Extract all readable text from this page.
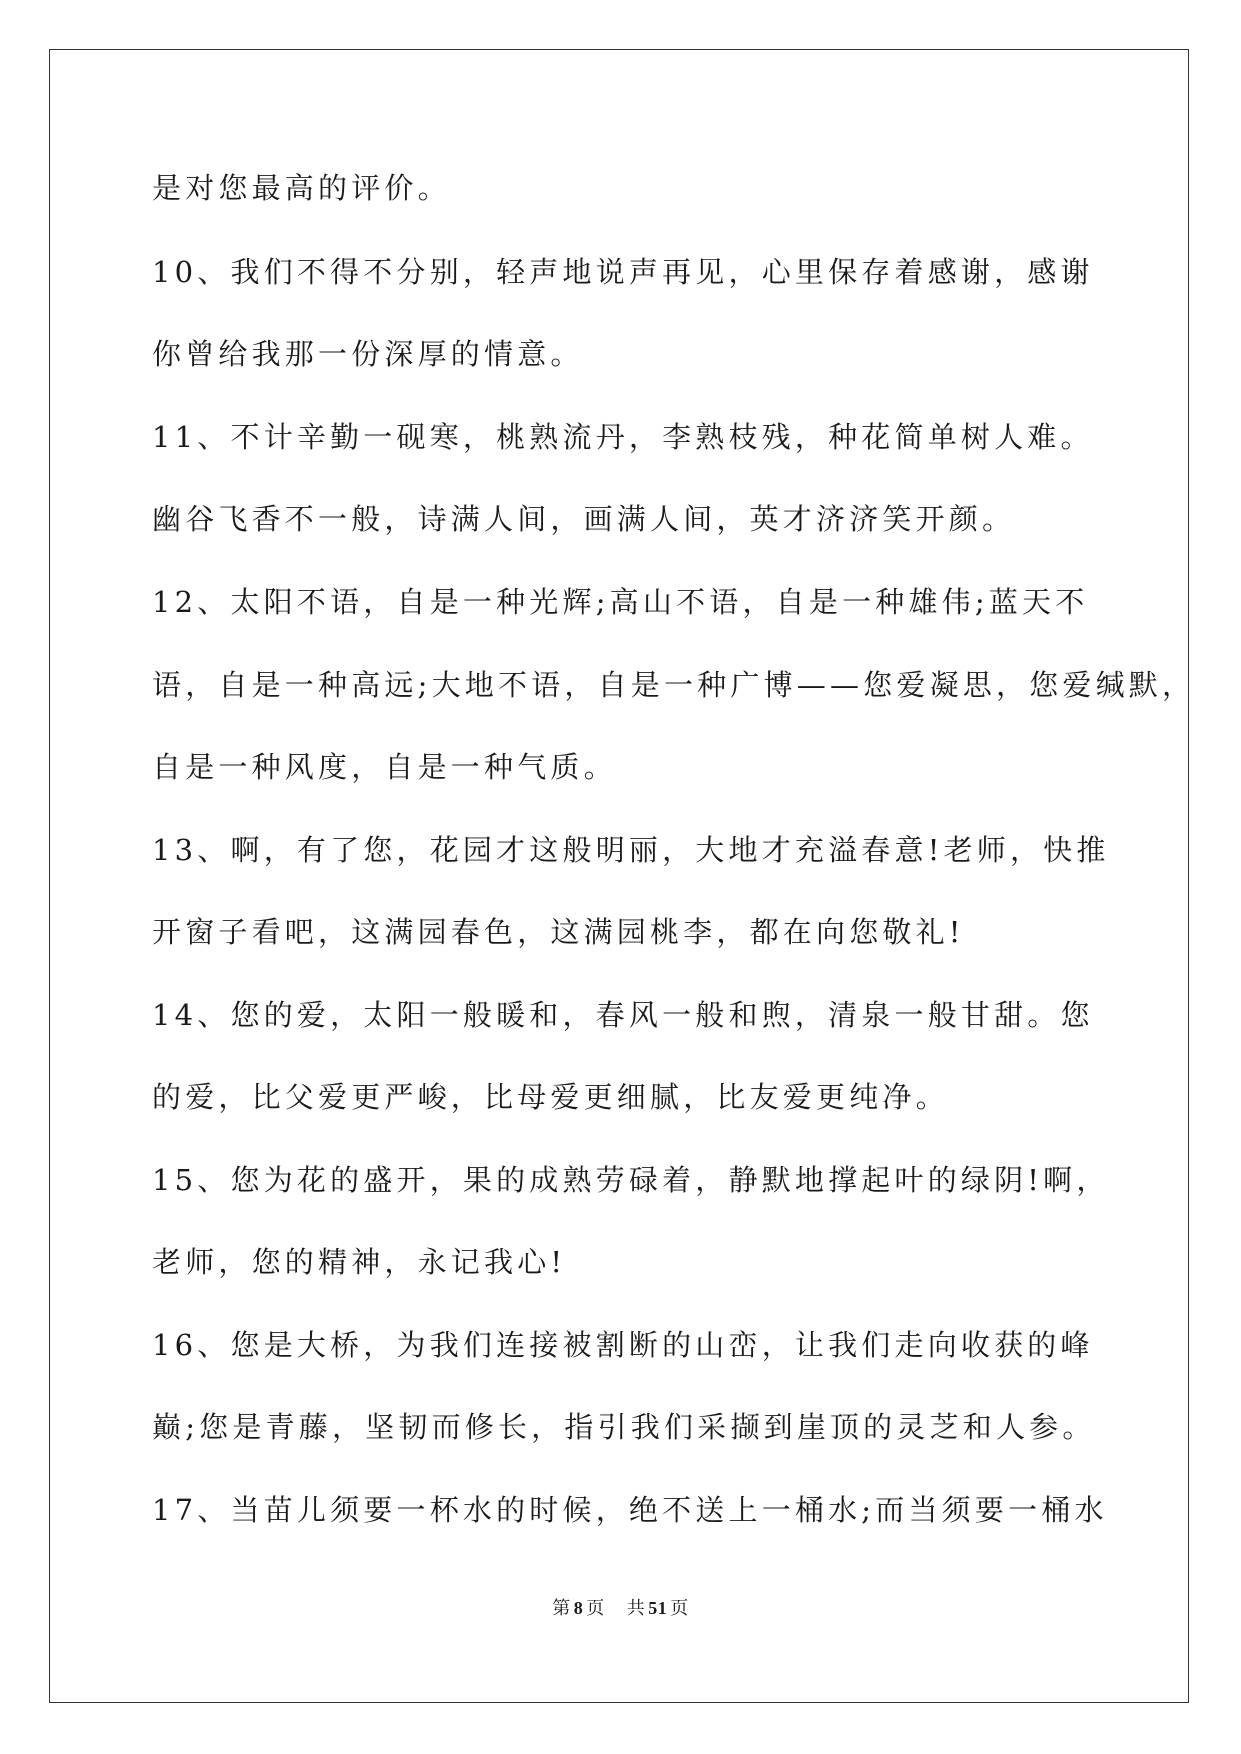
是对您最高的评价。
10、我们不得不分别，轻声地说声再见，心里保存着感谢，感谢
你曾给我那一份深厚的情意。
11、不计辛勤一砚寒，桃熟流丹，李熟枝残，种花简单树人难。
幽谷飞香不一般，诗满人间，画满人间，英才济济笑开颜。
12、太阳不语，自是一种光辉;高山不语，自是一种雄伟;蓝天不
语，自是一种高远;大地不语，自是一种广博——您爱凝思，您爱缄默，
自是一种风度，自是一种气质。
13、啊，有了您，花园才这般明丽，大地才充溢春意!老师，快推
开窗子看吧，这满园春色，这满园桃李，都在向您敬礼!
14、您的爱，太阳一般暖和，春风一般和煦，清泉一般甘甜。您
的爱，比父爱更严峻，比母爱更细腻，比友爱更纯净。
15、您为花的盛开，果的成熟劳碌着，静默地撑起叶的绿阴!啊，
老师，您的精神，永记我心!
16、您是大桥，为我们连接被割断的山峦，让我们走向收获的峰
巅;您是青藤，坚韧而修长，指引我们采撷到崖顶的灵芝和人参。
17、当苗儿须要一杯水的时候，绝不送上一桶水;而当须要一桶水
第 8 页 共 51 页
